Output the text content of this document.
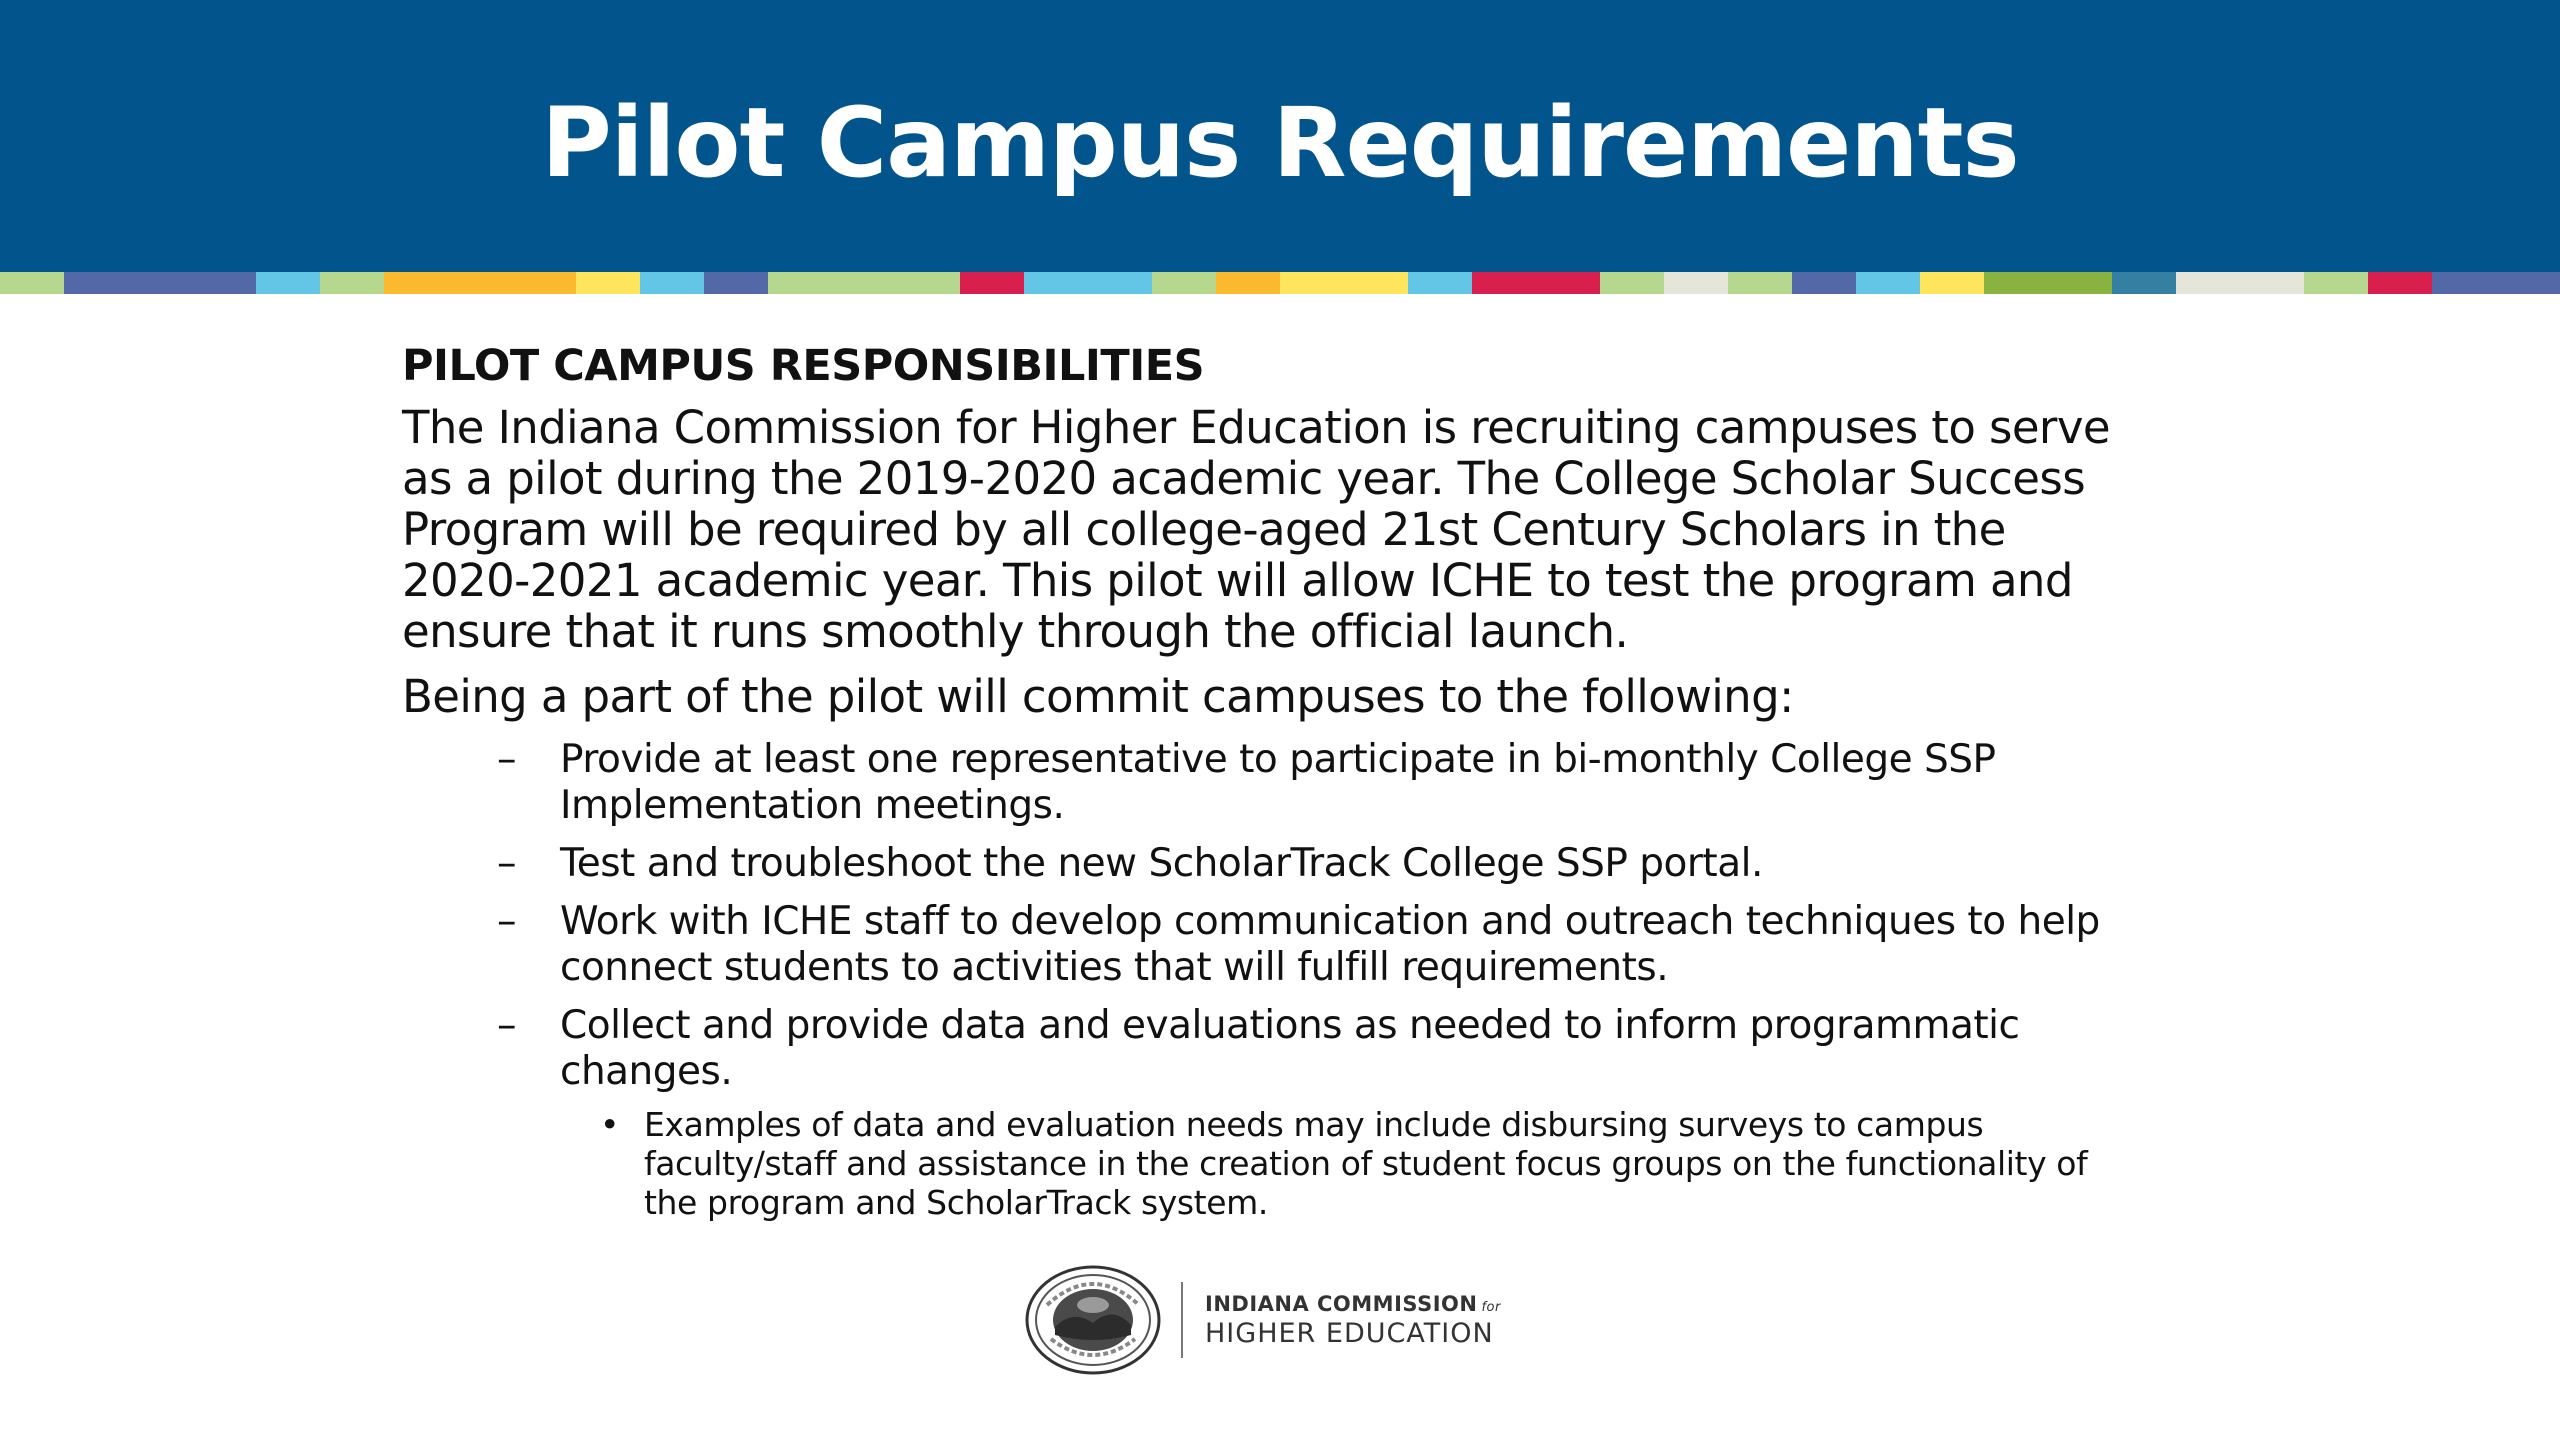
Pilot Campus Requirements
PILOT CAMPUS RESPONSIBILITIES
The Indiana Commission for Higher Education is recruiting campuses to serve as a pilot during the 2019-2020 academic year. The College Scholar Success Program will be required by all college-aged 21st Century Scholars in the 2020-2021 academic year. This pilot will allow ICHE to test the program and ensure that it runs smoothly through the official launch.
Being a part of the pilot will commit campuses to the following:
– Provide at least one representative to participate in bi-monthly College SSP Implementation meetings.
– Test and troubleshoot the new ScholarTrack College SSP portal.
– Work with ICHE staff to develop communication and outreach techniques to help connect students to activities that will fulfill requirements.
– Collect and provide data and evaluations as needed to inform programmatic changes.
• Examples of data and evaluation needs may include disbursing surveys to campus faculty/staff and assistance in the creation of student focus groups on the functionality of the program and ScholarTrack system.
INDIANA COMMISSION for
HIGHER EDUCATION
